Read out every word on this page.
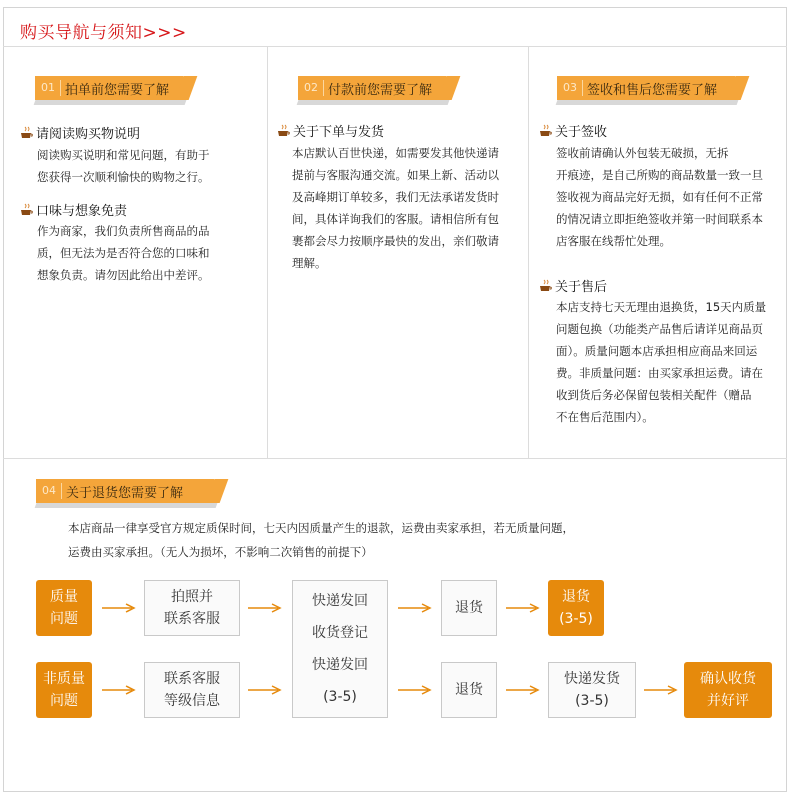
购买导航与须知>>>
01 拍单前您需要了解
请阅读购买物说明
阅读购买说明和常见问题，有助于
您获得一次顺利愉快的购物之行。
口味与想象免责
作为商家，我们负责所售商品的品
质，但无法为是否符合您的口味和
想象负责。请勿因此给出中差评。
02 付款前您需要了解
关于下单与发货
本店默认百世快递，如需要发其他快递请
提前与客服沟通交流。如果上新、活动以
及高峰期订单较多，我们无法承诺发货时
间，具体详询我们的客服。请相信所有包
裹都会尽力按顺序最快的发出，亲们敬请
理解。
03 签收和售后您需要了解
关于签收
签收前请确认外包装无破损，无拆
开痕迹，是自己所购的商品数量一致一旦
签收视为商品完好无损，如有任何不正常
的情况请立即拒绝签收并第一时间联系本
店客服在线帮忙处理。
关于售后
本店支持七天无理由退换货，15天内质量
问题包换（功能类产品售后请详见商品页
面）。质量问题本店承担相应商品来回运
费。非质量问题：由买家承担运费。请在
收到货后务必保留包装相关配件（赠品
不在售后范围内）。
04 关于退货您需要了解
本店商品一律享受官方规定质保时间，七天内因质量产生的退款，运费由卖家承担，若无质量问题，
运费由买家承担。（无人为损坏，不影响二次销售的前提下）
质量
问题
拍照并
联系客服
快递发回
收货登记
快递发回
(3-5)
退货
退货
(3-5)
非质量
问题
联系客服
等级信息
退货
快递发货
(3-5)
确认收货
并好评
